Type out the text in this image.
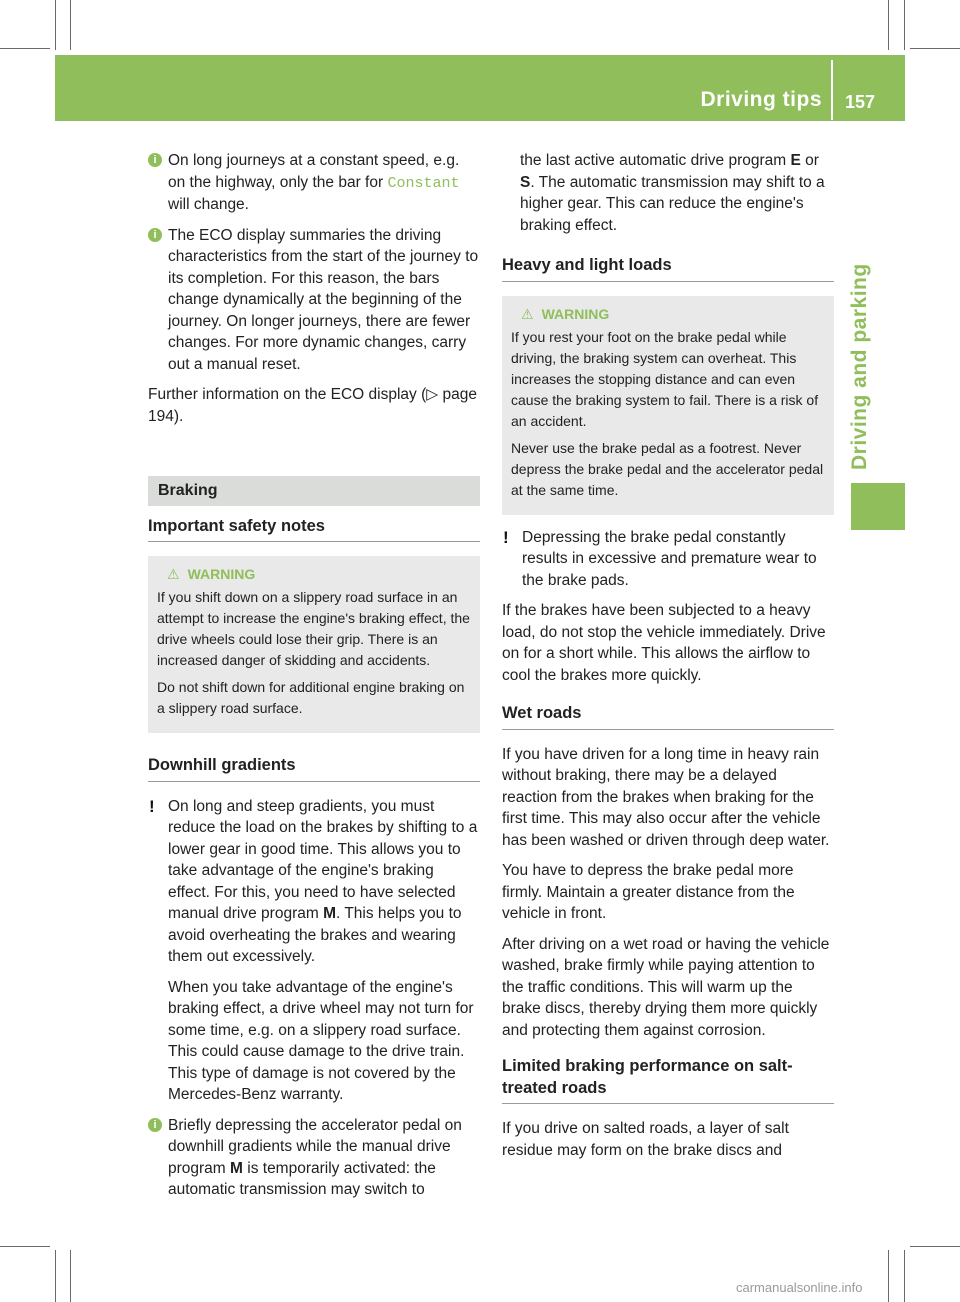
Driving tips 157
Driving and parking
i On long journeys at a constant speed, e.g. on the highway, only the bar for Constant will change.
i The ECO display summaries the driving characteristics from the start of the journey to its completion. For this reason, the bars change dynamically at the beginning of the journey. On longer journeys, there are fewer changes. For more dynamic changes, carry out a manual reset.

Further information on the ECO display (▷ page 194).

Braking
Important safety notes
⚠ WARNING

If you shift down on a slippery road surface in an attempt to increase the engine's braking effect, the drive wheels could lose their grip. There is an increased danger of skidding and accidents.

Do not shift down for additional engine braking on a slippery road surface.

Downhill gradients
! On long and steep gradients, you must reduce the load on the brakes by shifting to a lower gear in good time. This allows you to take advantage of the engine's braking effect. For this, you need to have selected manual drive program M. This helps you to avoid overheating the brakes and wearing them out excessively.

When you take advantage of the engine's braking effect, a drive wheel may not turn for some time, e.g. on a slippery road surface. This could cause damage to the drive train. This type of damage is not covered by the Mercedes-Benz warranty.

i Briefly depressing the accelerator pedal on downhill gradients while the manual drive program M is temporarily activated: the automatic transmission may switch to

the last active automatic drive program E or S. The automatic transmission may shift to a higher gear. This can reduce the engine's braking effect.

Heavy and light loads
⚠ WARNING

If you rest your foot on the brake pedal while driving, the braking system can overheat. This increases the stopping distance and can even cause the braking system to fail. There is a risk of an accident.

Never use the brake pedal as a footrest. Never depress the brake pedal and the accelerator pedal at the same time.

! Depressing the brake pedal constantly results in excessive and premature wear to the brake pads.

If the brakes have been subjected to a heavy load, do not stop the vehicle immediately. Drive on for a short while. This allows the airflow to cool the brakes more quickly.

Wet roads

If you have driven for a long time in heavy rain without braking, there may be a delayed reaction from the brakes when braking for the first time. This may also occur after the vehicle has been washed or driven through deep water.

You have to depress the brake pedal more firmly. Maintain a greater distance from the vehicle in front.

After driving on a wet road or having the vehicle washed, brake firmly while paying attention to the traffic conditions. This will warm up the brake discs, thereby drying them more quickly and protecting them against corrosion.

Limited braking performance on salt-treated roads

If you drive on salted roads, a layer of salt residue may form on the brake discs and

carmanualsonline.info
